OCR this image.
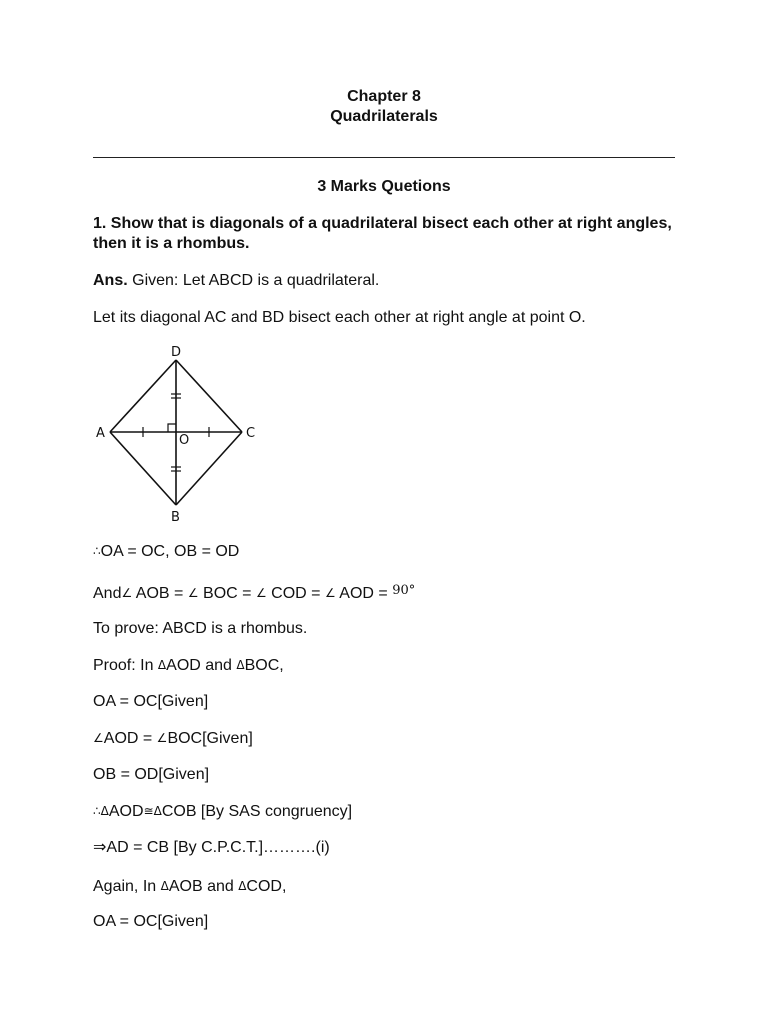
Chapter 8
Quadrilaterals
3 Marks Quetions
1. Show that is diagonals of a quadrilateral bisect each other at right angles, then it is a rhombus.
Ans. Given: Let ABCD is a quadrilateral.
Let its diagonal AC and BD bisect each other at right angle at point O.
A	C
D
B
O
∴OA = OC, OB = OD
And∠ AOB = ∠ BOC = ∠ COD = ∠ AOD = $^{90^\circ}$
To prove: ABCD is a rhombus.
Proof: In ΔAOD and ΔBOC,
OA = OC[Given]
∠AOD = ∠BOC[Given]
OB = OD[Given]
∴ΔAOD≅ΔCOB [By SAS congruency]
⇒AD = CB [By C.P.C.T.]……….(i)
Again, In ΔAOB and ΔCOD,
OA = OC[Given]
